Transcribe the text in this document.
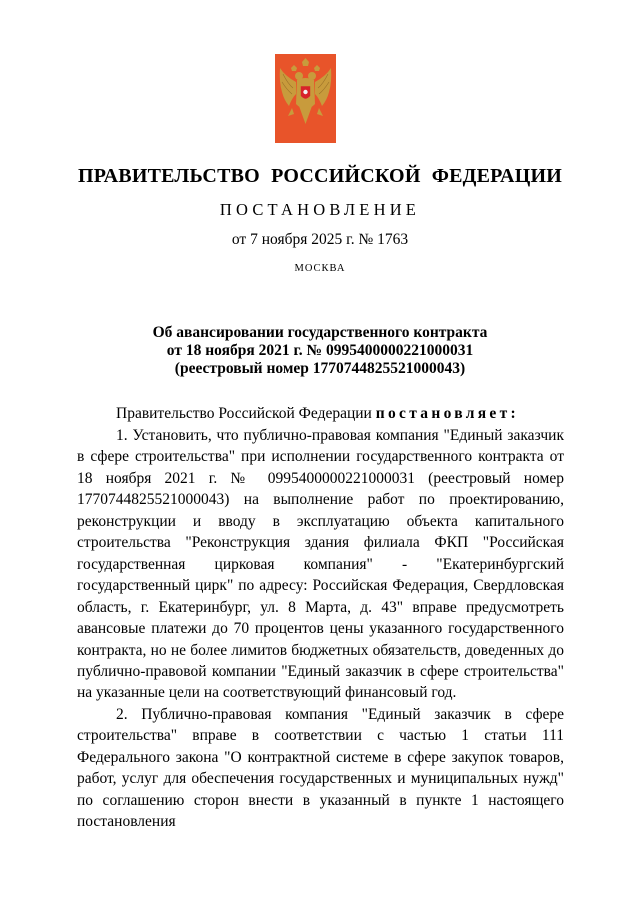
ПРАВИТЕЛЬСТВО РОССИЙСКОЙ ФЕДЕРАЦИИ
ПОСТАНОВЛЕНИЕ
от 7 ноября 2025 г. № 1763
МОСКВА
Об авансировании государственного контракта
от 18 ноября 2021 г. № 0995400000221000031
(реестровый номер 1770744825521000043)
Правительство Российской Федерации постановляет:

1. Установить, что публично-правовая компания "Единый заказчик в сфере строительства" при исполнении государственного контракта от 18 ноября 2021 г. № 0995400000221000031 (реестровый номер 1770744825521000043) на выполнение работ по проектированию, реконструкции и вводу в эксплуатацию объекта капитального строительства "Реконструкция здания филиала ФКП "Российская государственная цирковая компания" - "Екатеринбургский государственный цирк" по адресу: Российская Федерация, Свердловская область, г. Екатеринбург, ул. 8 Марта, д. 43" вправе предусмотреть авансовые платежи до 70 процентов цены указанного государственного контракта, но не более лимитов бюджетных обязательств, доведенных до публично-правовой компании "Единый заказчик в сфере строительства" на указанные цели на соответствующий финансовый год.

2. Публично-правовая компания "Единый заказчик в сфере строительства" вправе в соответствии с частью 1 статьи 111 Федерального закона "О контрактной системе в сфере закупок товаров, работ, услуг для обеспечения государственных и муниципальных нужд" по соглашению сторон внести в указанный в пункте 1 настоящего постановления
